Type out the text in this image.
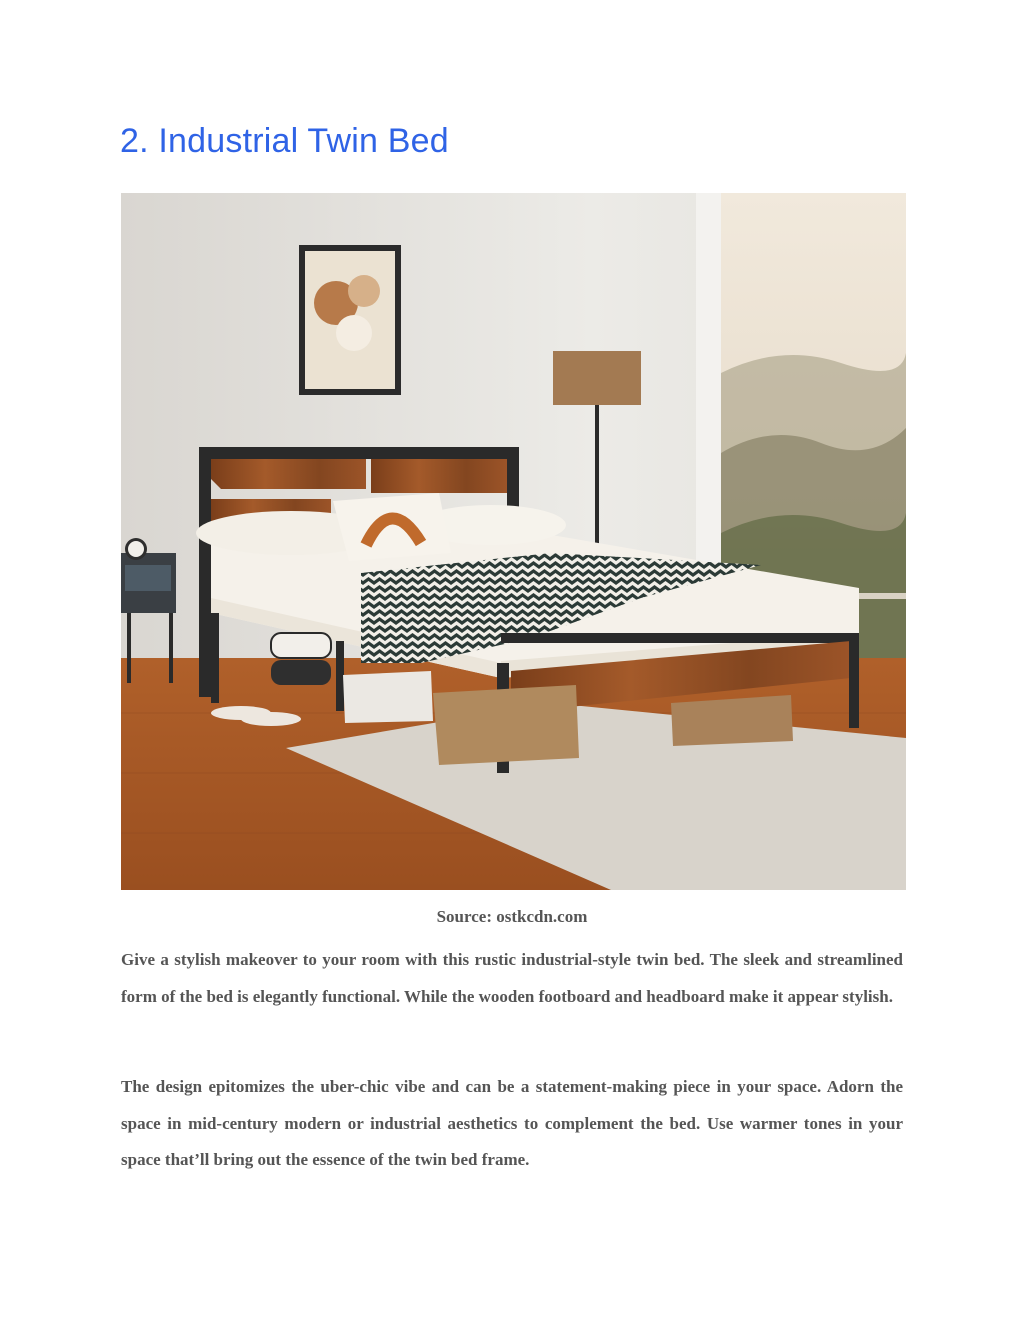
2. Industrial Twin Bed
Source: ostkcdn.com

Give a stylish makeover to your room with this rustic industrial-style twin bed. The sleek and streamlined form of the bed is elegantly functional. While the wooden footboard and headboard make it appear stylish.

The design epitomizes the uber-chic vibe and can be a statement-making piece in your space. Adorn the space in mid-century modern or industrial aesthetics to complement the bed. Use warmer tones in your space that’ll bring out the essence of the twin bed frame.
